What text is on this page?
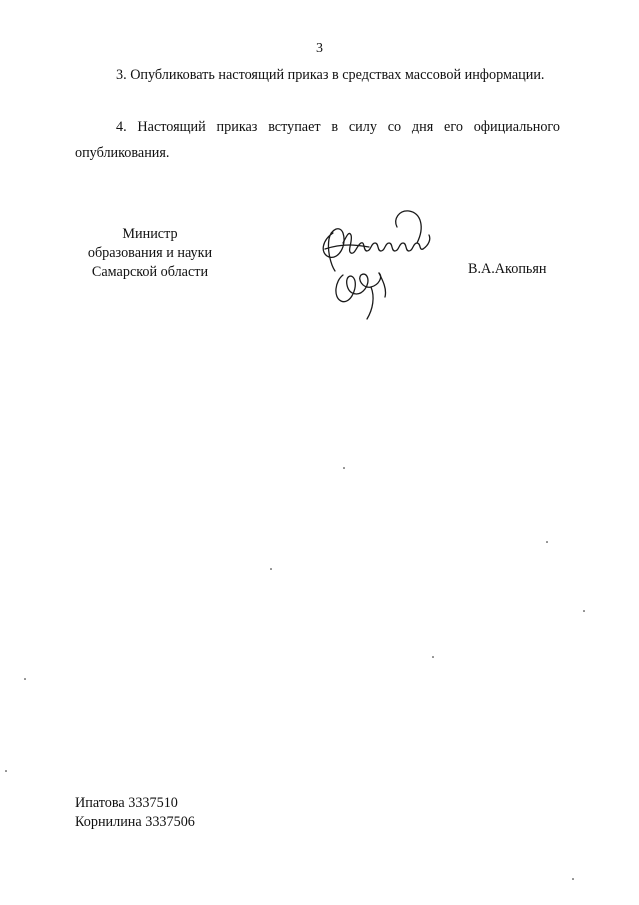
3

3. Опубликовать настоящий приказ в средствах массовой информации.

4. Настоящий приказ вступает в силу со дня его официального опубликования.

Министр
образования и науки
Самарской области	В.А.Акопьян
Ипатова 3337510
Корнилина 3337506
